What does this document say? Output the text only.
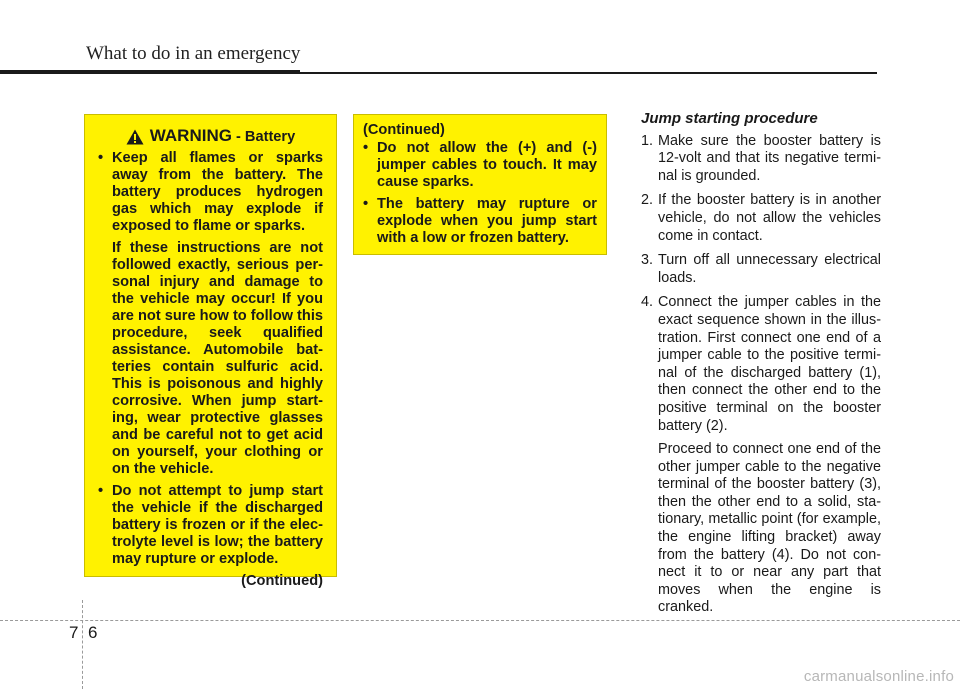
What to do in an emergency
WARNING - Battery
• Keep all flames or sparks away from the battery. The battery produces hydrogen gas which may explode if exposed to flame or sparks.
If these instructions are not followed exactly, serious per-sonal injury and damage to the vehicle may occur! If you are not sure how to follow this procedure, seek qualified assistance. Automobile bat-teries contain sulfuric acid. This is poisonous and highly corrosive. When jump start-ing, wear protective glasses and be careful not to get acid on yourself, your clothing or on the vehicle.
• Do not attempt to jump start the vehicle if the discharged battery is frozen or if the elec-trolyte level is low; the battery may rupture or explode.
(Continued)
(Continued)
• Do not allow the (+) and (-) jumper cables to touch. It may cause sparks.
• The battery may rupture or explode when you jump start with a low or frozen battery.
Jump starting procedure
1. Make sure the booster battery is 12-volt and that its negative termi-nal is grounded.
2. If the booster battery is in another vehicle, do not allow the vehicles come in contact.
3. Turn off all unnecessary electrical loads.
4. Connect the jumper cables in the exact sequence shown in the illus-tration. First connect one end of a jumper cable to the positive termi-nal of the discharged battery (1), then connect the other end to the positive terminal on the booster battery (2).
Proceed to connect one end of the other jumper cable to the negative terminal of the booster battery (3), then the other end to a solid, sta-tionary, metallic point (for example, the engine lifting bracket) away from the battery (4). Do not con-nect it to or near any part that moves when the engine is cranked.
7 6
carmanualsonline.info
